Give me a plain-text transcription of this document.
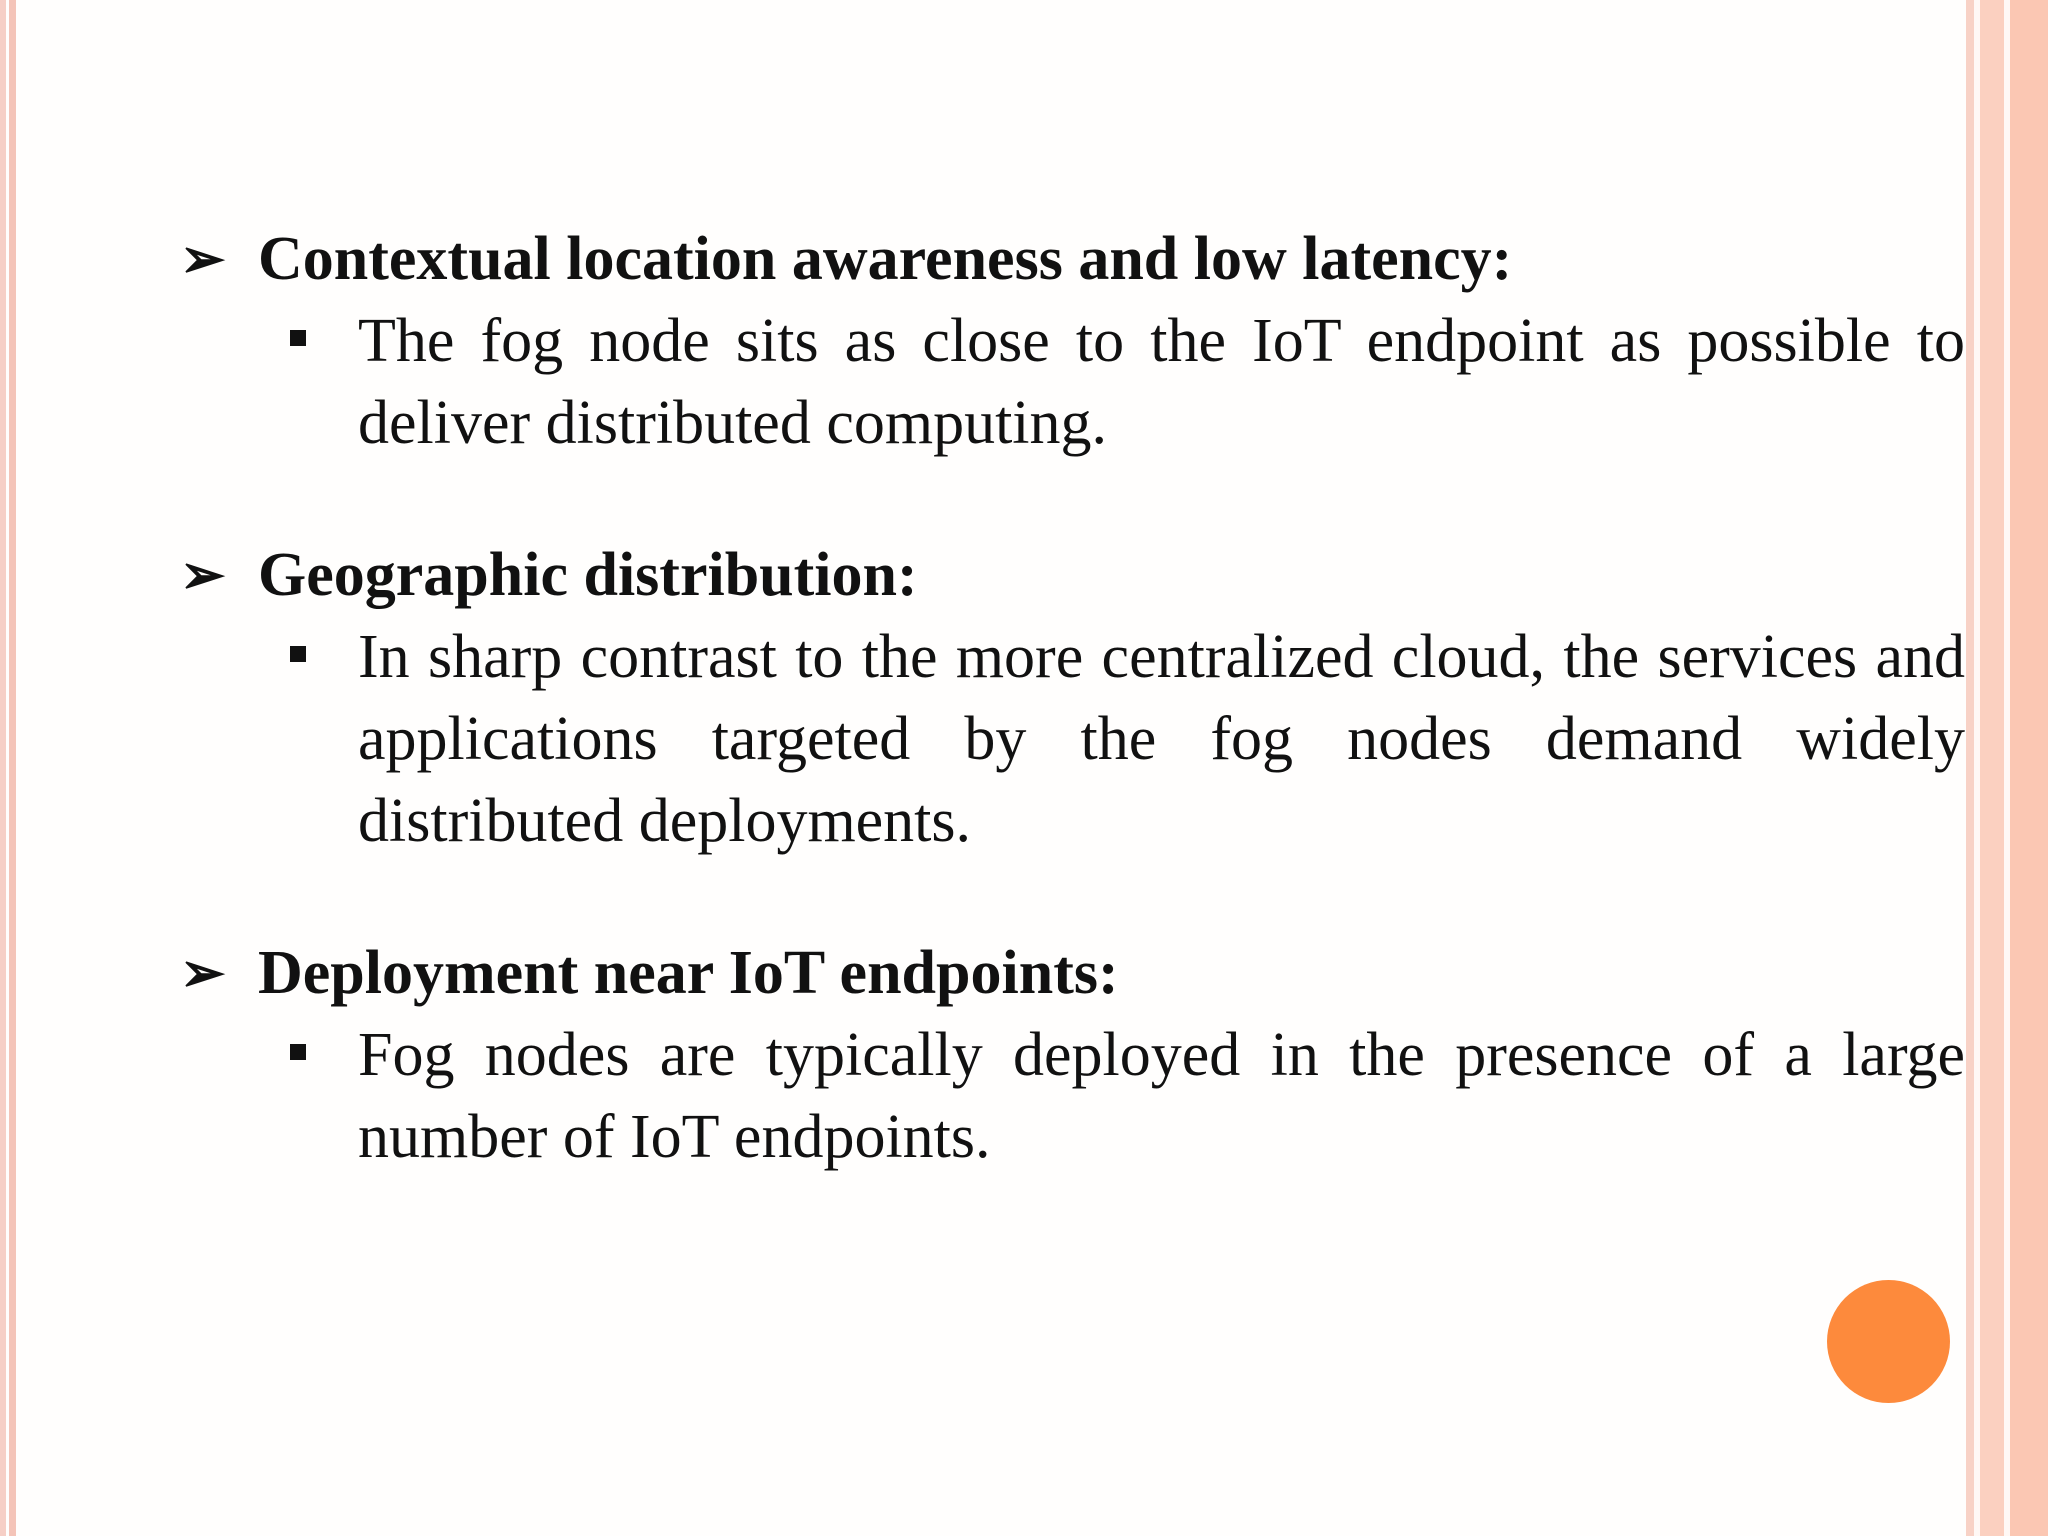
➢ Contextual location awareness and low latency:
The fog node sits as close to the IoT endpoint as possible to deliver distributed computing.
➢ Geographic distribution:
In sharp contrast to the more centralized cloud, the services and applications targeted by the fog nodes demand widely distributed deployments.
➢ Deployment near IoT endpoints:
Fog nodes are typically deployed in the presence of a large number of IoT endpoints.
